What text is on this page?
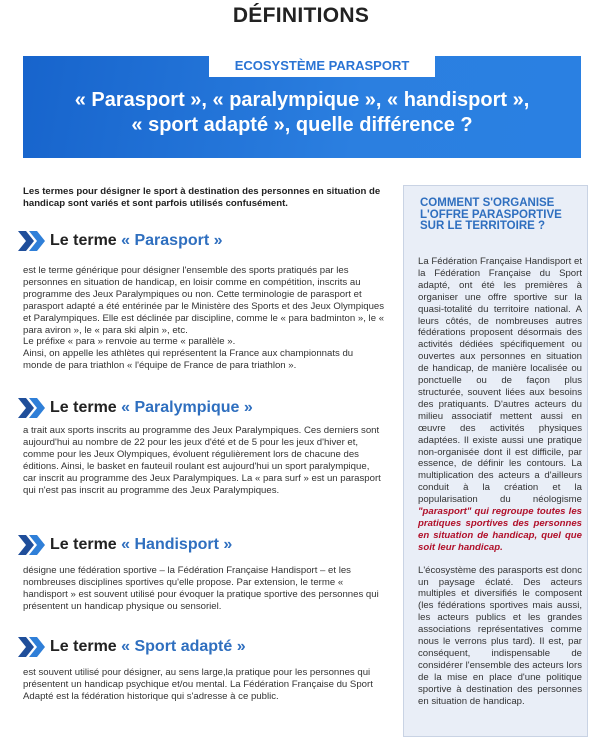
DÉFINITIONS
ECOSYSTÈME PARASPORT
« Parasport », « paralympique », « handisport »,
« sport adapté », quelle différence ?
Les termes pour désigner le sport à destination des personnes en situation de handicap sont variés et sont parfois utilisés confusément.
Le terme « Parasport »

est le terme générique pour désigner l'ensemble des sports pratiqués par les personnes en situation de handicap, en loisir comme en compétition, inscrits au programme des Jeux Paralympiques ou non. Cette terminologie de parasport et parasport adapté a été entérinée par le Ministère des Sports et des Jeux Olympiques et Paralympiques. Elle est déclinée par discipline, comme le « para badminton », le « para aviron », le « para ski alpin », etc.

Le préfixe « para » renvoie au terme « parallèle ».

Ainsi, on appelle les athlètes qui représentent la France aux championnats du monde de para triathlon « l'équipe de France de para triathlon ».

Le terme « Paralympique »

a trait aux sports inscrits au programme des Jeux Paralympiques. Ces derniers sont aujourd'hui au nombre de 22 pour les jeux d'été et de 5 pour les jeux d'hiver et, comme pour les Jeux Olympiques, évoluent régulièrement lors de chacune des éditions. Ainsi, le basket en fauteuil roulant est aujourd'hui un sport paralympique, car inscrit au programme des Jeux Paralympiques. La « para surf » est un parasport qui n'est pas inscrit au programme des Jeux Paralympiques.

Le terme « Handisport »

désigne une fédération sportive – la Fédération Française Handisport – et les nombreuses disciplines sportives qu'elle propose. Par extension, le terme « handisport » est souvent utilisé pour évoquer la pratique sportive des personnes qui présentent un handicap physique ou sensoriel.

Le terme « Sport adapté »

est souvent utilisé pour désigner, au sens large,la pratique pour les personnes qui présentent un handicap psychique et/ou mental. La Fédération Française du Sport Adapté est la fédération historique qui s'adresse à ce public.

COMMENT S'ORGANISE L'OFFRE PARASPORTIVE SUR LE TERRITOIRE ?

La Fédération Française Handisport et la Fédération Française du Sport adapté, ont été les premières à organiser une offre sportive sur la quasi-totalité du territoire national. A leurs côtés, de nombreuses autres fédérations proposent désormais des activités dédiées spécifiquement ou ouvertes aux personnes en situation de handicap, de manière localisée ou ponctuelle ou de façon plus structurée, souvent liées aux besoins des pratiquants. D'autres acteurs du milieu associatif mettent aussi en œuvre des activités physiques adaptées. Il existe aussi une pratique non-organisée dont il est difficile, par essence, de définir les contours. La multiplication des acteurs a d'ailleurs conduit à la création et la popularisation du néologisme "parasport" qui regroupe toutes les pratiques sportives des personnes en situation de handicap, quel que soit leur handicap.

L'écosystème des parasports est donc un paysage éclaté. Des acteurs multiples et diversifiés le composent (les fédérations sportives mais aussi, les acteurs publics et les grandes associations représentatives comme nous le verrons plus tard). Il est, par conséquent, indispensable de considérer l'ensemble des acteurs lors de la mise en place d'une politique sportive à destination des personnes en situation de handicap.
